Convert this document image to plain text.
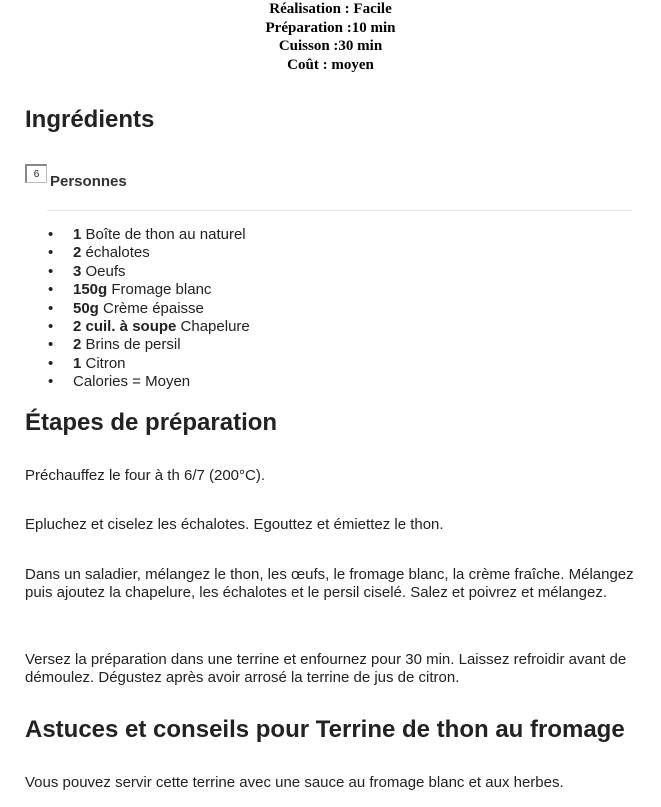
Réalisation : Facile
Préparation :10 min
Cuisson :30 min
Coût : moyen
Ingrédients
6 Personnes
• 1 Boîte de thon au naturel
• 2 échalotes
• 3 Oeufs
• 150g Fromage blanc
• 50g Crème épaisse
• 2 cuil. à soupe Chapelure
• 2 Brins de persil
• 1 Citron
• Calories = Moyen
Étapes de préparation

Préchauffez le four à th 6/7 (200°C).

Epluchez et ciselez les échalotes. Egouttez et émiettez le thon.

Dans un saladier, mélangez le thon, les œufs, le fromage blanc, la crème fraîche. Mélangez puis ajoutez la chapelure, les échalotes et le persil ciselé. Salez et poivrez et mélangez.

Versez la préparation dans une terrine et enfournez pour 30 min. Laissez refroidir avant de démoulez. Dégustez après avoir arrosé la terrine de jus de citron.

Astuces et conseils pour Terrine de thon au fromage

Vous pouvez servir cette terrine avec une sauce au fromage blanc et aux herbes.
